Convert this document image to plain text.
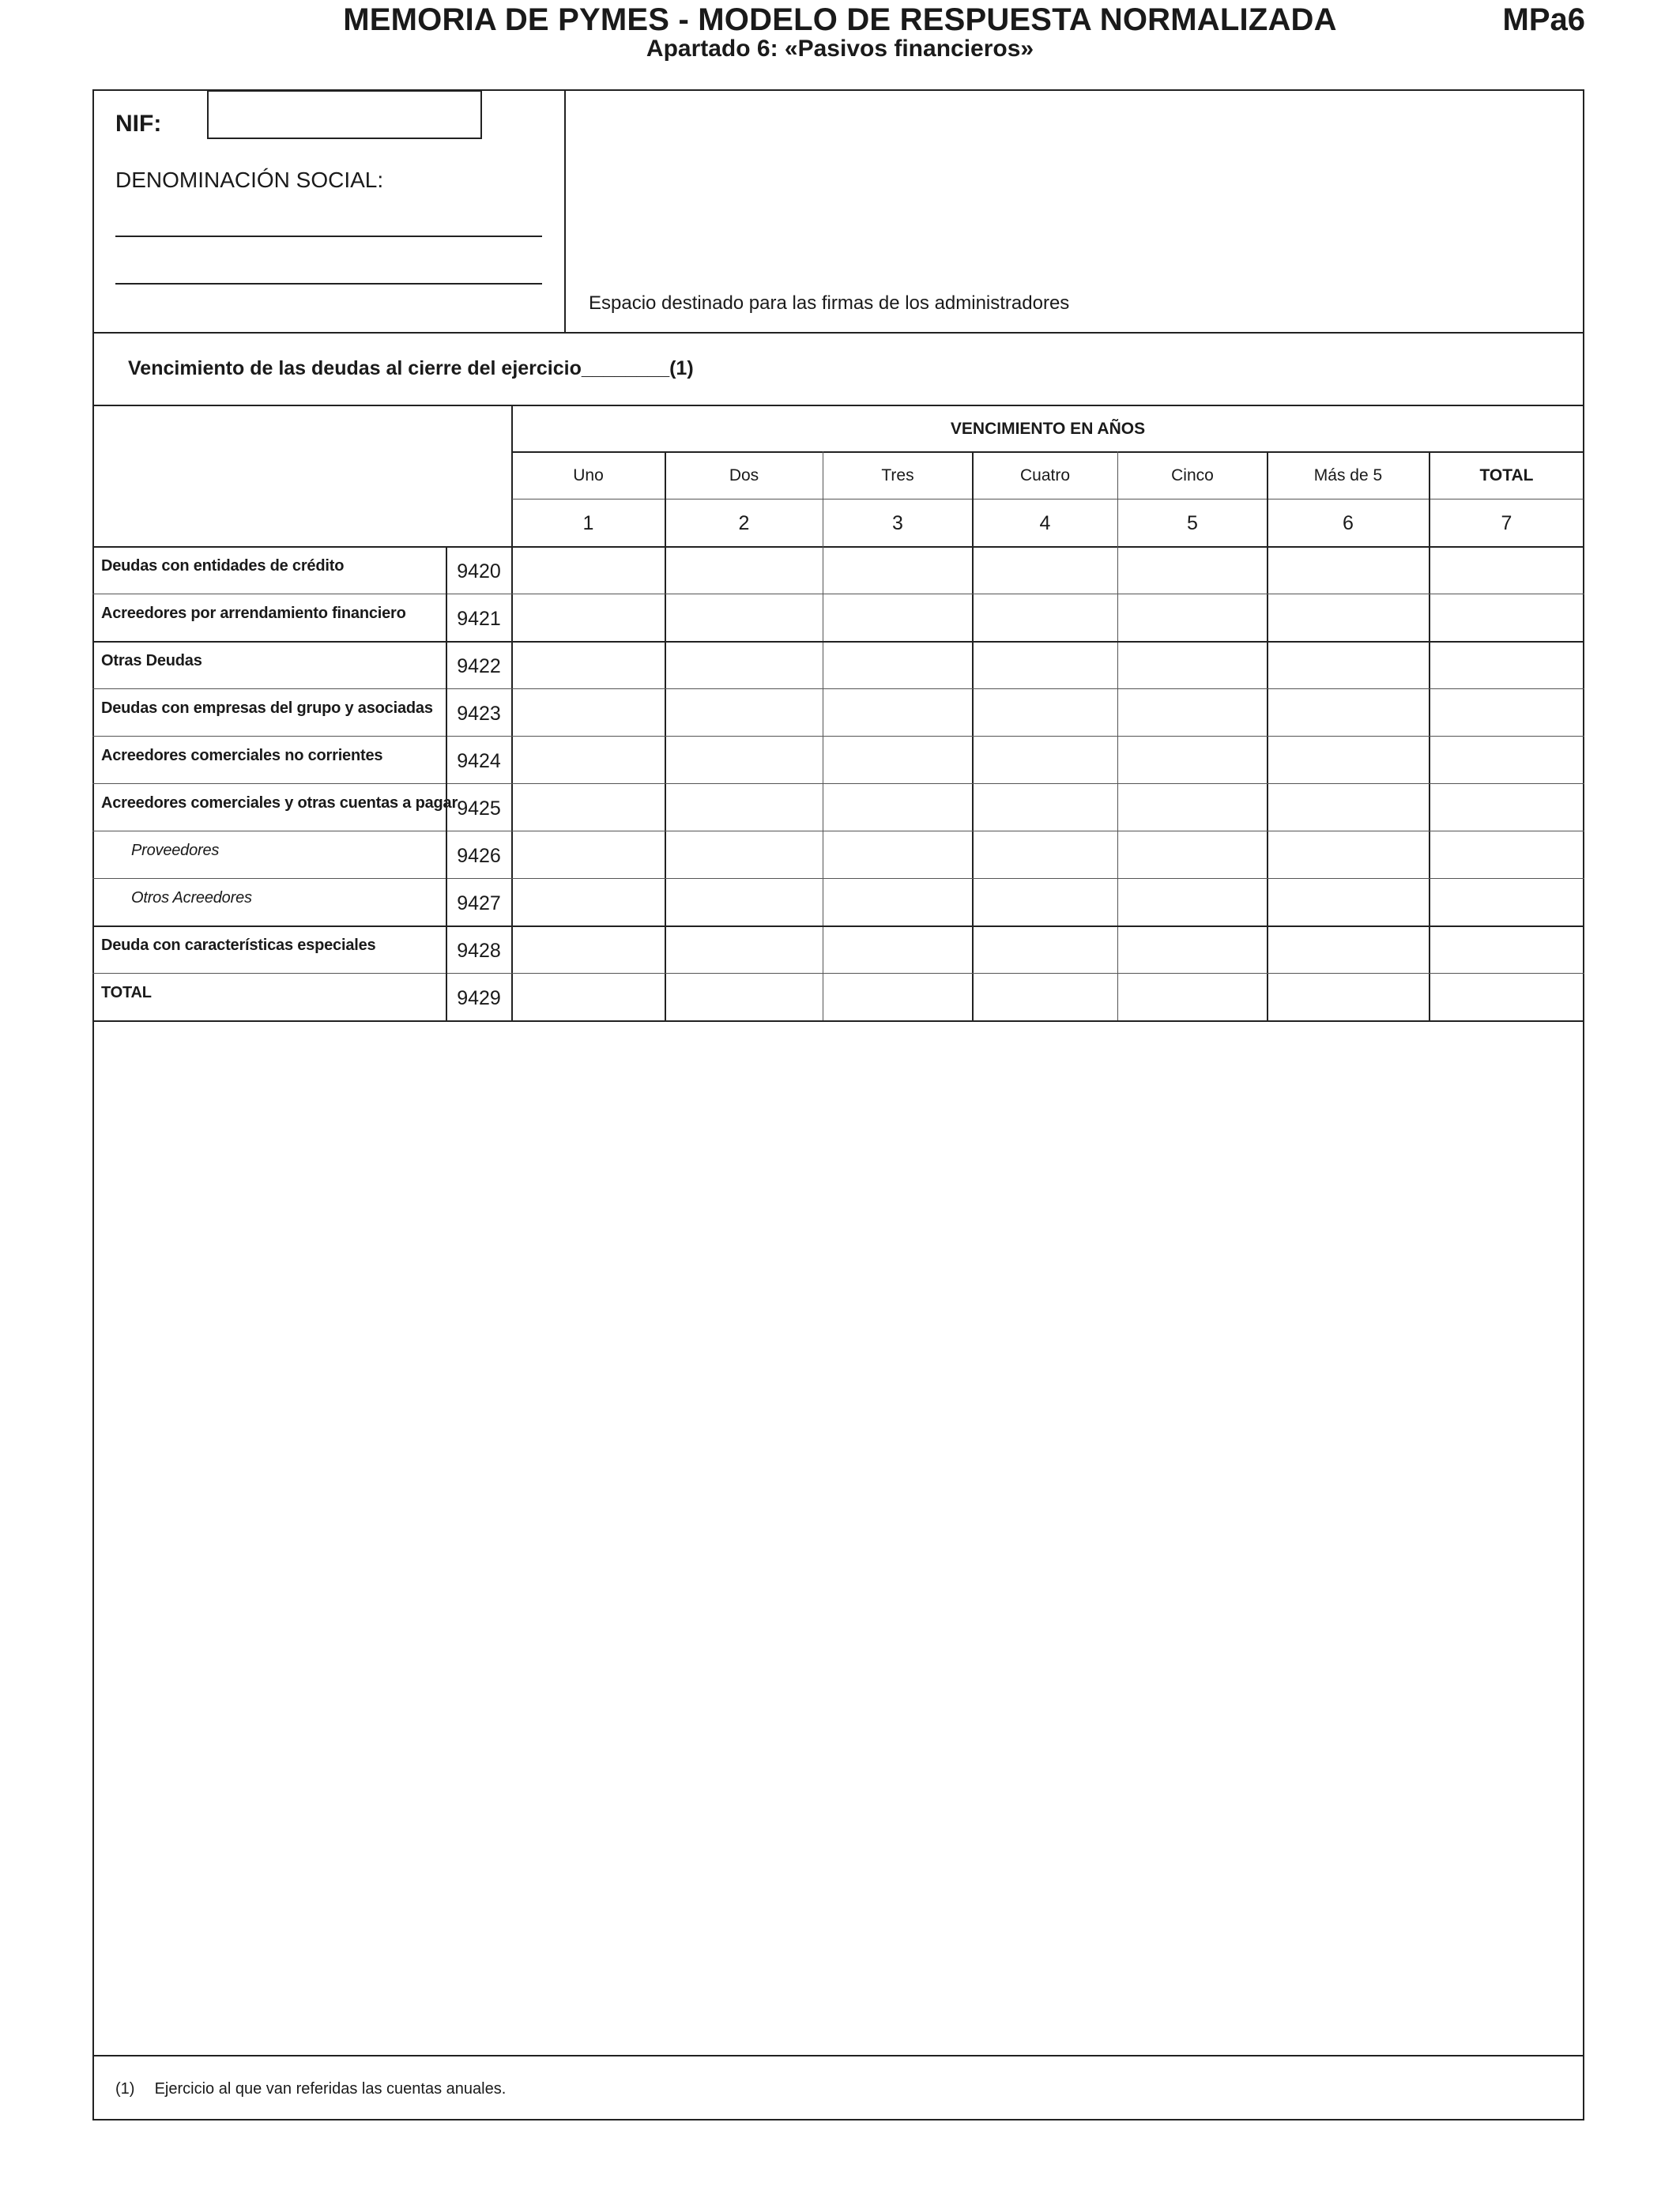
MEMORIA DE PYMES - MODELO DE RESPUESTA NORMALIZADA
Apartado 6: «Pasivos financieros»
MPa6
NIF:
DENOMINACIÓN SOCIAL:
Espacio destinado para las firmas de los administradores
Vencimiento de las deudas al cierre del ejercicio________(1)
VENCIMIENTO EN AÑOS
Uno	Dos	Tres	Cuatro	Cinco	Más de 5	TOTAL
1	2	3	4	5	6	7
Deudas con entidades de crédito	9420
Acreedores por arrendamiento financiero	9421
Otras Deudas	9422
Deudas con empresas del grupo y asociadas	9423
Acreedores comerciales no corrientes	9424
Acreedores comerciales y otras cuentas a pagar 9425
Proveedores	9426
Otros Acreedores	9427
Deuda con características especiales	9428
TOTAL	9429
(1) Ejercicio al que van referidas las cuentas anuales.
